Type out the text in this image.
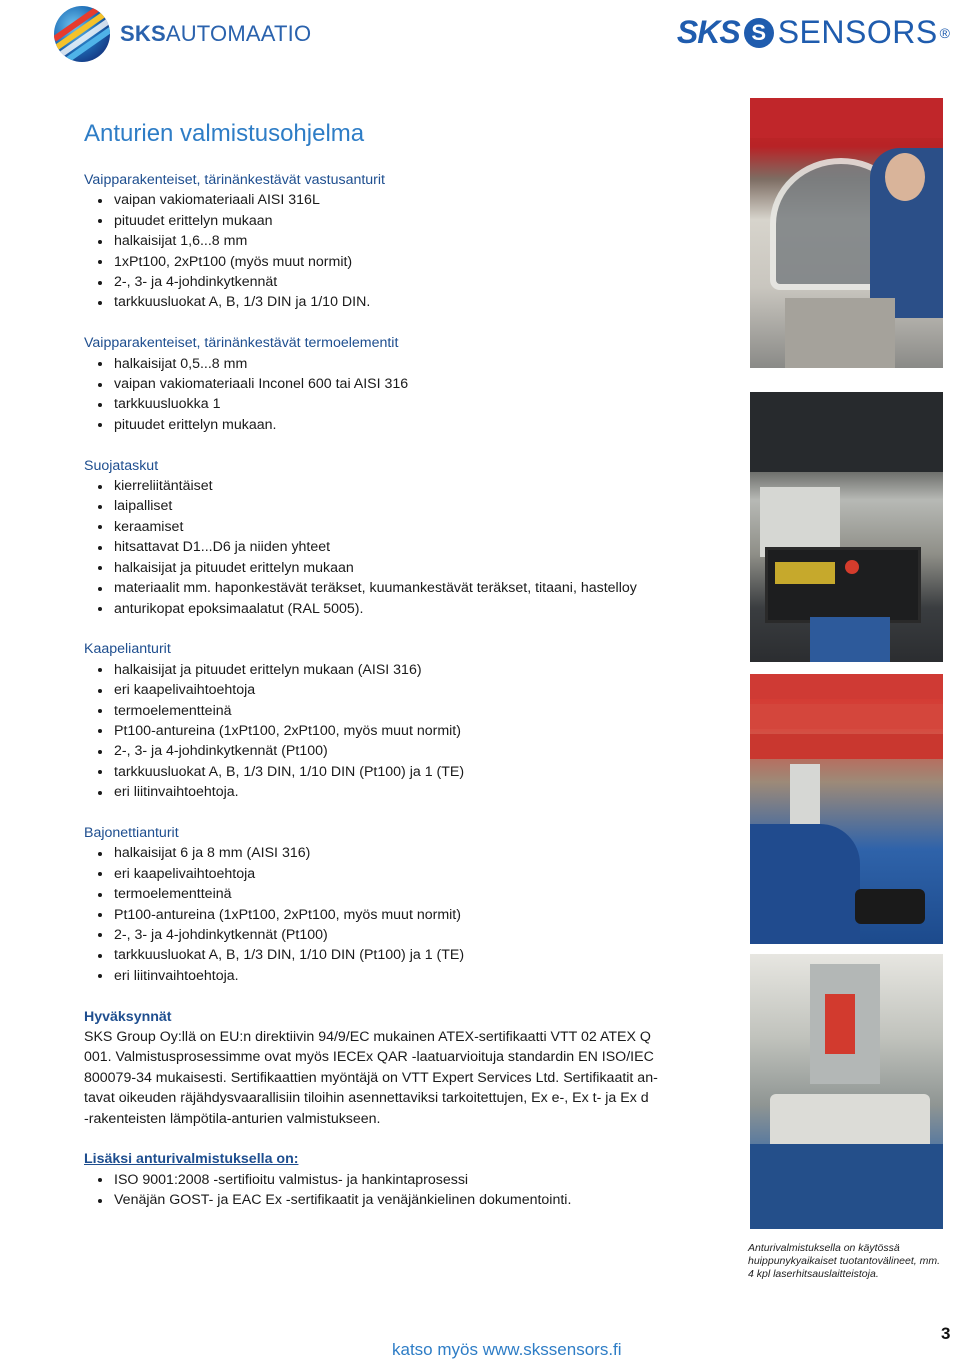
SKSAUTOMAATIO	SKS S SENSORS ®
Anturien valmistusohjelma
Vaipparakenteiset, tärinänkestävät vastusanturit
vaipan vakiomateriaali AISI 316L
pituudet erittelyn mukaan
halkaisijat 1,6...8 mm
1xPt100, 2xPt100 (myös muut normit)
2-, 3- ja 4-johdinkytkennät
tarkkuusluokat A, B, 1/3 DIN ja 1/10 DIN.
Vaipparakenteiset, tärinänkestävät termoelementit
halkaisijat 0,5...8 mm
vaipan vakiomateriaali Inconel 600 tai AISI 316
tarkkuusluokka 1
pituudet erittelyn mukaan.
Suojataskut
kierreliitäntäiset
laipalliset
keraamiset
hitsattavat D1...D6 ja niiden yhteet
halkaisijat ja pituudet erittelyn mukaan
materiaalit mm. haponkestävät teräkset, kuumankestävät teräkset, titaani, hastelloy
anturikopat epoksimaalatut (RAL 5005).
Kaapelianturit
halkaisijat ja pituudet erittelyn mukaan (AISI 316)
eri kaapelivaihtoehtoja
termoelementteinä
Pt100-antureina (1xPt100, 2xPt100, myös muut normit)
2-, 3- ja 4-johdinkytkennät (Pt100)
tarkkuusluokat A, B, 1/3 DIN, 1/10 DIN (Pt100) ja 1 (TE)
eri liitinvaihtoehtoja.
Bajonettianturit
halkaisijat 6 ja 8 mm (AISI 316)
eri kaapelivaihtoehtoja
termoelementteinä
Pt100-antureina (1xPt100, 2xPt100, myös muut normit)
2-, 3- ja 4-johdinkytkennät (Pt100)
tarkkuusluokat A, B, 1/3 DIN, 1/10 DIN (Pt100) ja 1 (TE)
eri liitinvaihtoehtoja.
Hyväksynnät

SKS Group Oy:llä on EU:n direktiivin 94/9/EC mukainen ATEX-sertifikaatti VTT 02 ATEX Q
001. Valmistusprosessimme ovat myös IECEx QAR -laatuarvioituja standardin EN ISO/IEC
800079-34 mukaisesti. Sertifikaattien myöntäjä on VTT Expert Services Ltd. Sertifikaatit an-
tavat oikeuden räjähdysvaarallisiin tiloihin asennettaviksi tarkoitettujen, Ex e-, Ex t- ja Ex d
-rakenteisten lämpötila-anturien valmistukseen.

Lisäksi anturivalmistuksella on:
ISO 9001:2008 -sertifioitu valmistus- ja hankintaprosessi
Venäjän GOST- ja EAC Ex -sertifikaatit ja venäjänkielinen dokumentointi.

Anturivalmistuksella on käytössä
huippunykyaikaiset tuotantovälineet, mm.
4 kpl laserhitsauslaitteistoja.

katso myös www.skssensors.fi
3
